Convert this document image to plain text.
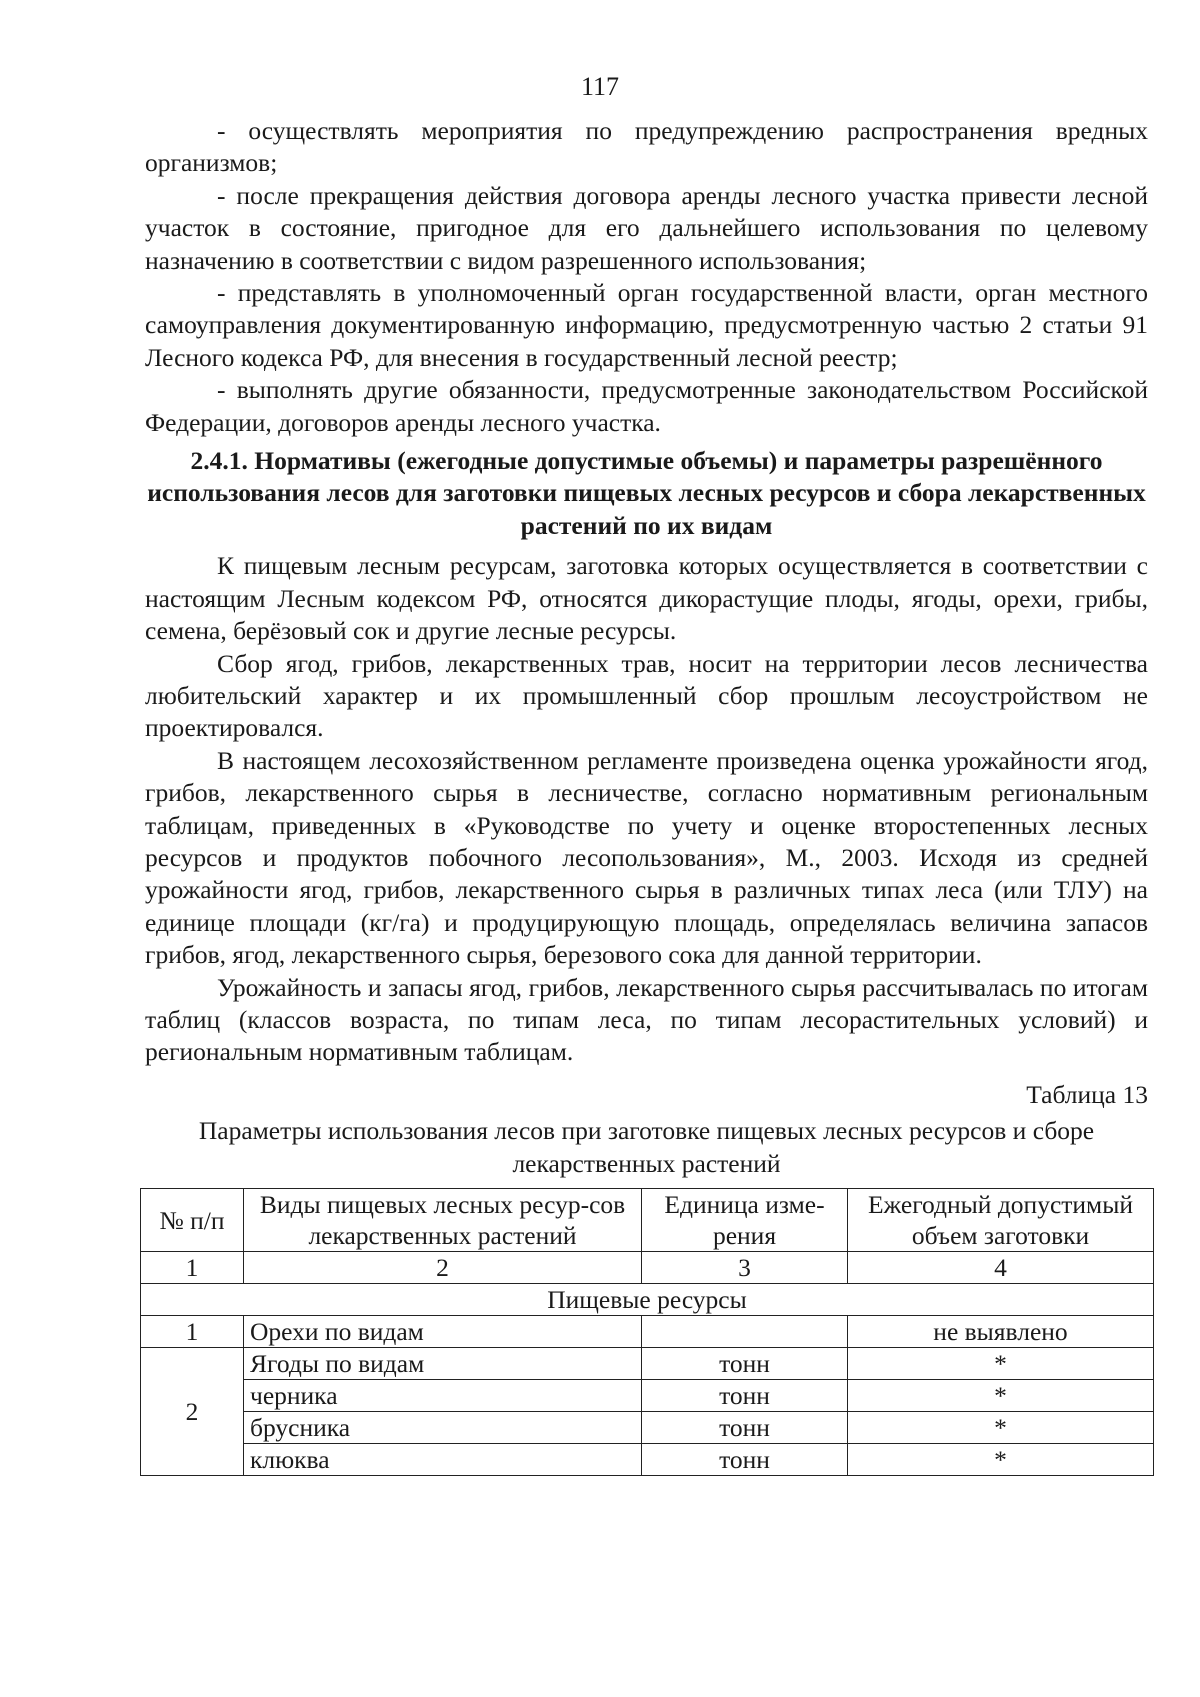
117

- осуществлять мероприятия по предупреждению распространения вредных организмов;

- после прекращения действия договора аренды лесного участка привести лесной участок в состояние, пригодное для его дальнейшего использования по целевому назначению в соответствии с видом разрешенного использования;

- представлять в уполномоченный орган государственной власти, орган местного самоуправления документированную информацию, предусмотренную частью 2 статьи 91 Лесного кодекса РФ, для внесения в государственный лесной реестр;

- выполнять другие обязанности, предусмотренные законодательством Российской Федерации, договоров аренды лесного участка.

2.4.1. Нормативы (ежегодные допустимые объемы) и параметры разрешённого использования лесов для заготовки пищевых лесных ресурсов и сбора лекарственных растений по их видам

К пищевым лесным ресурсам, заготовка которых осуществляется в соответствии с настоящим Лесным кодексом РФ, относятся дикорастущие плоды, ягоды, орехи, грибы, семена, берёзовый сок и другие лесные ресурсы.

Сбор ягод, грибов, лекарственных трав, носит на территории лесов лесничества любительский характер и их промышленный сбор прошлым лесоустройством не проектировался.

В настоящем лесохозяйственном регламенте произведена оценка урожайности ягод, грибов, лекарственного сырья в лесничестве, согласно нормативным региональным таблицам, приведенных в «Руководстве по учету и оценке второстепенных лесных ресурсов и продуктов побочного лесопользования», М., 2003. Исходя из средней урожайности ягод, грибов, лекарственного сырья в различных типах леса (или ТЛУ) на единице площади (кг/га) и продуцирующую площадь, определялась величина запасов грибов, ягод, лекарственного сырья, березового сока для данной территории.

Урожайность и запасы ягод, грибов, лекарственного сырья рассчитывалась по итогам таблиц (классов возраста, по типам леса, по типам лесорастительных условий) и региональным нормативным таблицам.

Таблица 13
Параметры использования лесов при заготовке пищевых лесных ресурсов и сборе лекарственных растений
№ п/п	Виды пищевых лесных ресур-сов лекарственных растений	Единица изме-рения	Ежегодный допустимый объем заготовки
1	2	3	4
Пищевые ресурсы			
1	Орехи по видам		не выявлено
2	Ягоды по видам	тонн	*
	черника	тонн	*
	брусника	тонн	*
	клюква	тонн	*
